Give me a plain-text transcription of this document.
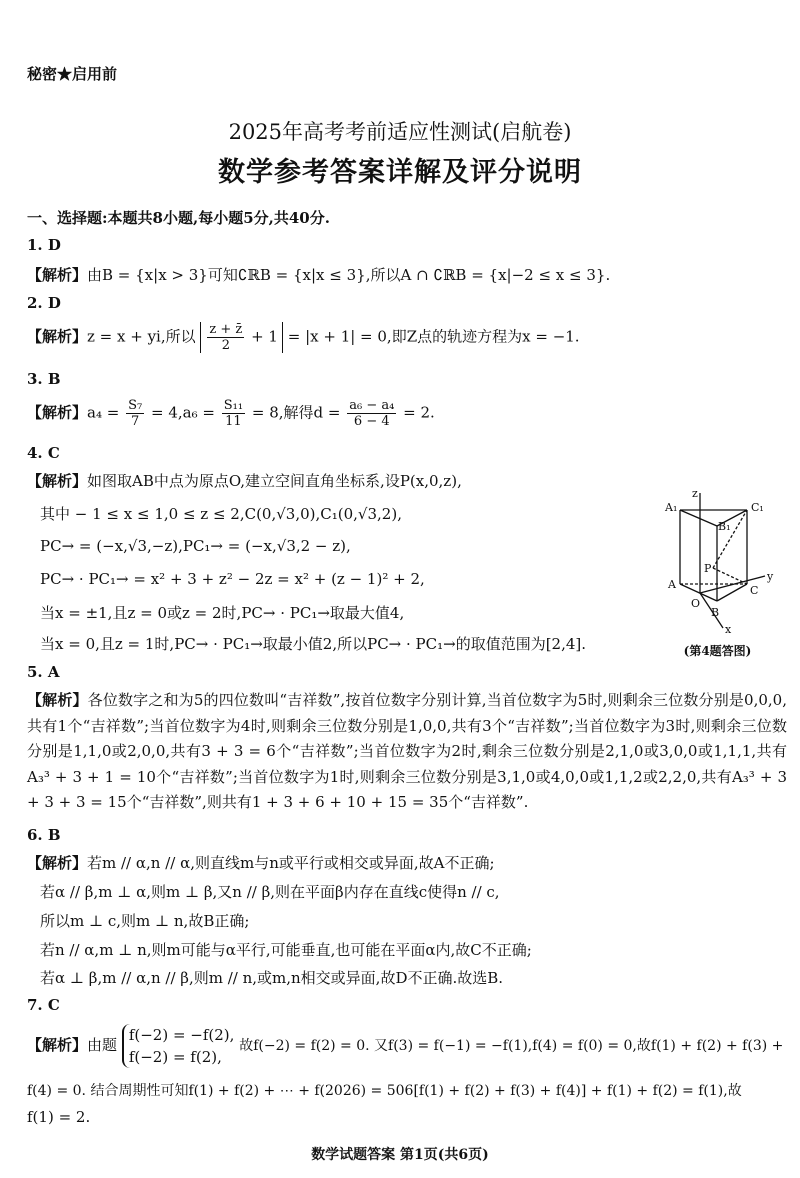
秘密★启用前
2025年高考考前适应性测试(启航卷)
数学参考答案详解及评分说明
一、选择题:本题共8小题,每小题5分,共40分.
1. D
【解析】由B = {x|x > 3}可知∁ℝB = {x|x ≤ 3},所以A ∩ ∁ℝB = {x|−2 ≤ x ≤ 3}.
2. D
【解析】z = x + yi,所以 $\frac{z + z̄}{2} + 1 = |x + 1| = 0$,即Z点的轨迹方程为x = −1.
3. B
【解析】$a_4 = \frac{\text{S₇}}{7} = 4,a_6 = \frac{\text{S₁₁}}{11} = 8$,解得$d = \frac{\text{a₆ − a₄}}{6 - 4} = 2$.
4. C
【解析】如图取AB中点为原点O,建立空间直角坐标系,设P(x,0,z),
其中 − 1 ≤ x ≤ 1,0 ≤ z ≤ 2,C(0,√3,0),C₁(0,√3,2),
PC→ = (−x,√3,−z),PC₁→ = (−x,√3,2 − z),
PC→ · PC₁→ = x² + 3 + z² − 2z = x² + (z − 1)² + 2,
当x = ±1,且z = 0或z = 2时,PC→ · PC₁→取最大值4,
当x = 0,且z = 1时,PC→ · PC₁→取最小值2,所以PC→ · PC₁→的取值范围为[2,4].
A₁
B₁
C₁
z
P
A
O
B
C
x
y
(第4题答图)
5. A
【解析】各位数字之和为5的四位数叫“吉祥数”,按首位数字分别计算,当首位数字为5时,则剩余三位数分别是0,0,0,共有1个“吉祥数”;当首位数字为4时,则剩余三位数分别是1,0,0,共有3个“吉祥数”;当首位数字为3时,则剩余三位数分别是1,1,0或2,0,0,共有3 + 3 = 6个“吉祥数”;当首位数字为2时,剩余三位数分别是2,1,0或3,0,0或1,1,1,共有A₃³ + 3 + 1 = 10个“吉祥数”;当首位数字为1时,则剩余三位数分别是3,1,0或4,0,0或1,1,2或2,2,0,共有A₃³ + 3 + 3 + 3 = 15个“吉祥数”,则共有1 + 3 + 6 + 10 + 15 = 35个“吉祥数”.
6. B
【解析】若m // α,n // α,则直线m与n或平行或相交或异面,故A不正确;
若α // β,m ⊥ α,则m ⊥ β,又n // β,则在平面β内存在直线c使得n // c,
所以m ⊥ c,则m ⊥ n,故B正确;
若n // α,m ⊥ n,则m可能与α平行,可能垂直,也可能在平面α内,故C不正确;
若α ⊥ β,m // α,n // β,则m // n,或m,n相交或异面,故D不正确.故选B.
7. C
【解析】由题
f(−2) = −f(2),
f(−2) = f(2),
故f(−2) = f(2) = 0. 又f(3) = f(−1) = −f(1),f(4) = f(0) = 0,故f(1) + f(2) + f(3) +
f(4) = 0. 结合周期性可知f(1) + f(2) + ⋯ + f(2026) = 506[f(1) + f(2) + f(3) + f(4)] + f(1) + f(2) = f(1),故
f(1) = 2.
数学试题答案 第1页(共6页)
